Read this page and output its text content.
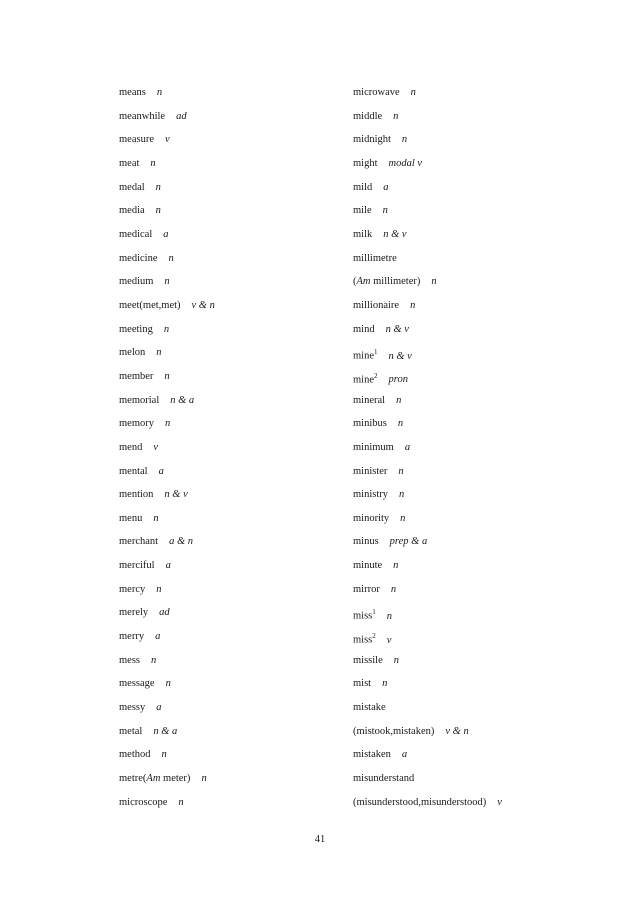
means n
meanwhile ad
measure v
meat n
medal n
media n
medical a
medicine n
medium n
meet(met,met) v & n
meeting n
melon n
member n
memorial n & a
memory n
mend v
mental a
mention n & v
menu n
merchant a & n
merciful a
mercy n
merely ad
merry a
mess n
message n
messy a
metal n & a
method n
metre(Am meter) n
microscope n
microwave n
middle n
midnight n
might modal v
mild a
mile n
milk n & v
millimetre
(Am millimeter) n
millionaire n
mind n & v
mine$^1$ n & v
mine$^2$ pron
mineral n
minibus n
minimum a
minister n
ministry n
minority n
minus prep & a
minute n
mirror n
miss$^1$ n
miss$^2$ v
missile n
mist n
mistake
(mistook,mistaken) v & n
mistaken a
misunderstand
(misunderstood,misunderstood) v
41
